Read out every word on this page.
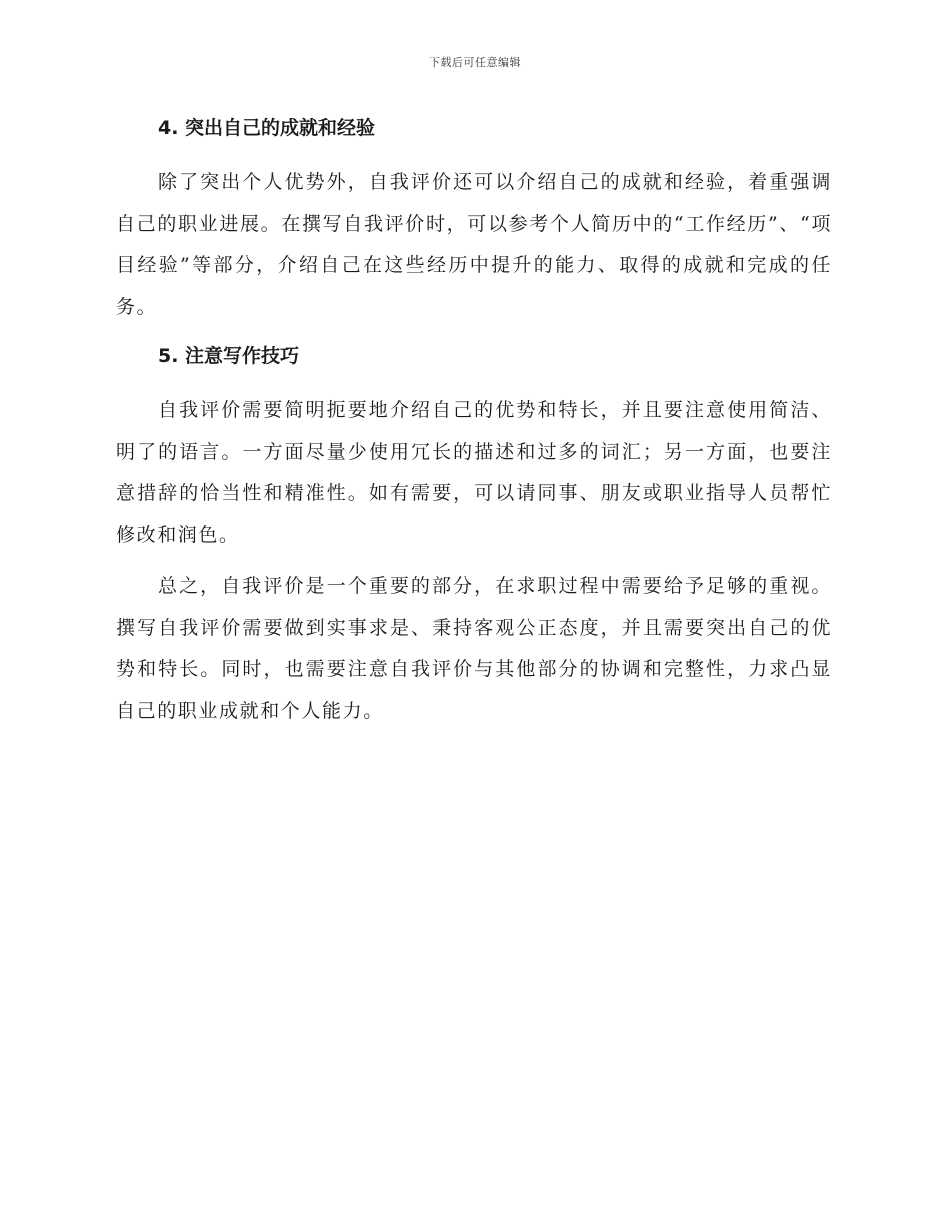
下载后可任意编辑
4. 突出自己的成就和经验

除了突出个人优势外，自我评价还可以介绍自己的成就和经验，着重强调自己的职业进展。在撰写自我评价时，可以参考个人简历中的“工作经历”、“项目经验”等部分，介绍自己在这些经历中提升的能力、取得的成就和完成的任务。

5. 注意写作技巧

自我评价需要简明扼要地介绍自己的优势和特长，并且要注意使用简洁、明了的语言。一方面尽量少使用冗长的描述和过多的词汇；另一方面，也要注意措辞的恰当性和精准性。如有需要，可以请同事、朋友或职业指导人员帮忙修改和润色。

总之，自我评价是一个重要的部分，在求职过程中需要给予足够的重视。撰写自我评价需要做到实事求是、秉持客观公正态度，并且需要突出自己的优势和特长。同时，也需要注意自我评价与其他部分的协调和完整性，力求凸显自己的职业成就和个人能力。
